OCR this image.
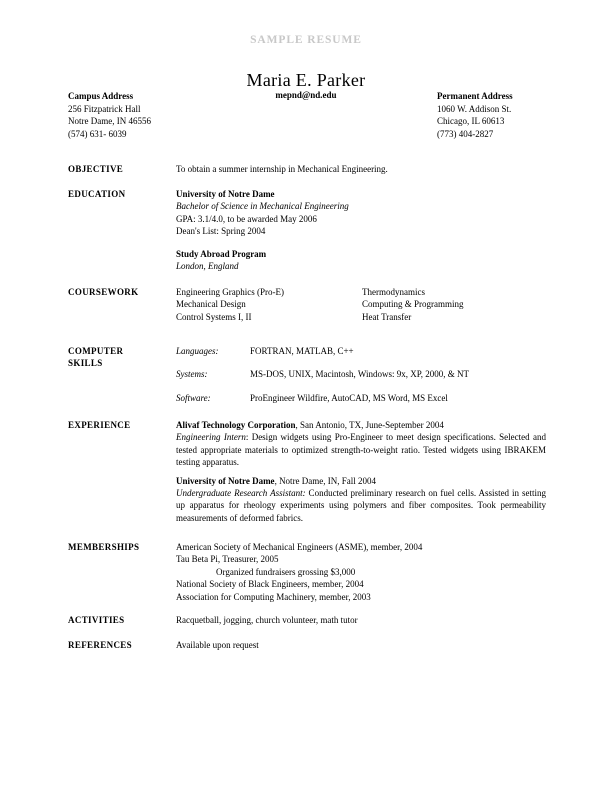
SAMPLE RESUME
Maria E. Parker
mepnd@nd.edu
Campus Address
256 Fitzpatrick Hall
Notre Dame, IN 46556
(574) 631- 6039
Permanent Address
1060 W. Addison St.
Chicago, IL 60613
(773) 404-2827
OBJECTIVE	To obtain a summer internship in Mechanical Engineering.
EDUCATION	University of Notre Dame
Bachelor of Science in Mechanical Engineering
GPA: 3.1/4.0, to be awarded May 2006
Dean's List: Spring 2004
Study Abroad Program
London, England
COURSEWORK	Engineering Graphics (Pro-E)	Thermodynamics
Mechanical Design	Computing & Programming
Control Systems I, II	Heat Transfer
COMPUTER
SKILLS
Languages:	FORTRAN, MATLAB, C++
Systems:	MS-DOS, UNIX, Macintosh, Windows: 9x, XP, 2000, & NT
Software:	ProEngineer Wildfire, AutoCAD, MS Word, MS Excel
EXPERIENCE	Alivaf Technology Corporation, San Antonio, TX, June-September 2004
Engineering Intern: Design widgets using Pro-Engineer to meet design specifications. Selected and tested appropriate materials to optimized strength-to-weight ratio. Tested widgets using IBRAKEM testing apparatus.
University of Notre Dame, Notre Dame, IN, Fall 2004
Undergraduate Research Assistant: Conducted preliminary research on fuel cells. Assisted in setting up apparatus for rheology experiments using polymers and fiber composites. Took permeability measurements of deformed fabrics.
MEMBERSHIPS	American Society of Mechanical Engineers (ASME), member, 2004
Tau Beta Pi, Treasurer, 2005
Organized fundraisers grossing $3,000
National Society of Black Engineers, member, 2004
Association for Computing Machinery, member, 2003
ACTIVITIES	Racquetball, jogging, church volunteer, math tutor
REFERENCES	Available upon request
